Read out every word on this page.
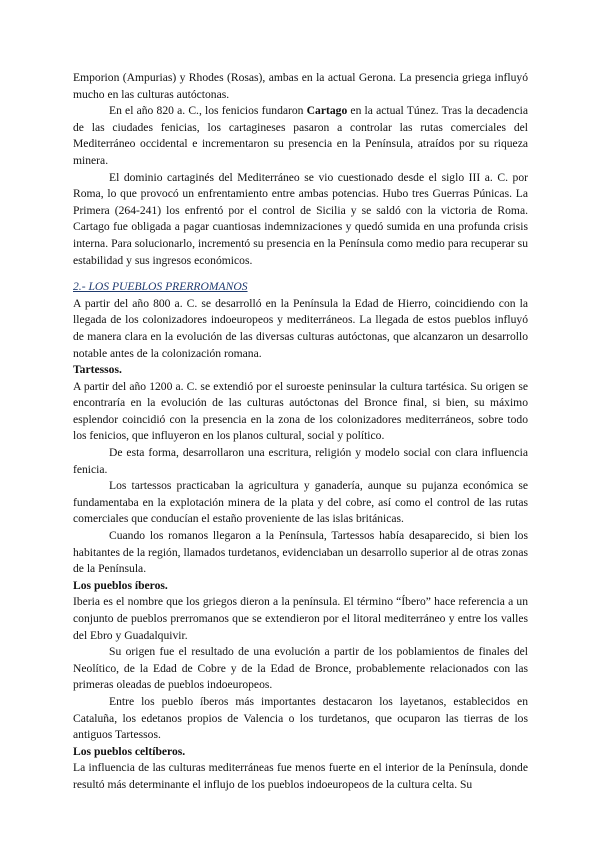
Emporion (Ampurias) y Rhodes (Rosas), ambas en la actual Gerona. La presencia griega influyó mucho en las culturas autóctonas.

En el año 820 a. C., los fenicios fundaron Cartago en la actual Túnez. Tras la decadencia de las ciudades fenicias, los cartagineses pasaron a controlar las rutas comerciales del Mediterráneo occidental e incrementaron su presencia en la Península, atraídos por su riqueza minera.

El dominio cartaginés del Mediterráneo se vio cuestionado desde el siglo III a. C. por Roma, lo que provocó un enfrentamiento entre ambas potencias. Hubo tres Guerras Púnicas. La Primera (264-241) los enfrentó por el control de Sicilia y se saldó con la victoria de Roma. Cartago fue obligada a pagar cuantiosas indemnizaciones y quedó sumida en una profunda crisis interna. Para solucionarlo, incrementó su presencia en la Península como medio para recuperar su estabilidad y sus ingresos económicos.

2.- LOS PUEBLOS PRERROMANOS

A partir del año 800 a. C. se desarrolló en la Península la Edad de Hierro, coincidiendo con la llegada de los colonizadores indoeuropeos y mediterráneos. La llegada de estos pueblos influyó de manera clara en la evolución de las diversas culturas autóctonas, que alcanzaron un desarrollo notable antes de la colonización romana.

Tartessos.

A partir del año 1200 a. C. se extendió por el suroeste peninsular la cultura tartésica. Su origen se encontraría en la evolución de las culturas autóctonas del Bronce final, si bien, su máximo esplendor coincidió con la presencia en la zona de los colonizadores mediterráneos, sobre todo los fenicios, que influyeron en los planos cultural, social y político.

De esta forma, desarrollaron una escritura, religión y modelo social con clara influencia fenicia.

Los tartessos practicaban la agricultura y ganadería, aunque su pujanza económica se fundamentaba en la explotación minera de la plata y del cobre, así como el control de las rutas comerciales que conducían el estaño proveniente de las islas británicas.

Cuando los romanos llegaron a la Península, Tartessos había desaparecido, si bien los habitantes de la región, llamados turdetanos, evidenciaban un desarrollo superior al de otras zonas de la Península.

Los pueblos íberos.

Iberia es el nombre que los griegos dieron a la península. El término “Íbero” hace referencia a un conjunto de pueblos prerromanos que se extendieron por el litoral mediterráneo y entre los valles del Ebro y Guadalquivir.

Su origen fue el resultado de una evolución a partir de los poblamientos de finales del Neolítico, de la Edad de Cobre y de la Edad de Bronce, probablemente relacionados con las primeras oleadas de pueblos indoeuropeos.

Entre los pueblo íberos más importantes destacaron los layetanos, establecidos en Cataluña, los edetanos propios de Valencia o los turdetanos, que ocuparon las tierras de los antiguos Tartessos.

Los pueblos celtíberos.

La influencia de las culturas mediterráneas fue menos fuerte en el interior de la Península, donde resultó más determinante el influjo de los pueblos indoeuropeos de la cultura celta. Su
